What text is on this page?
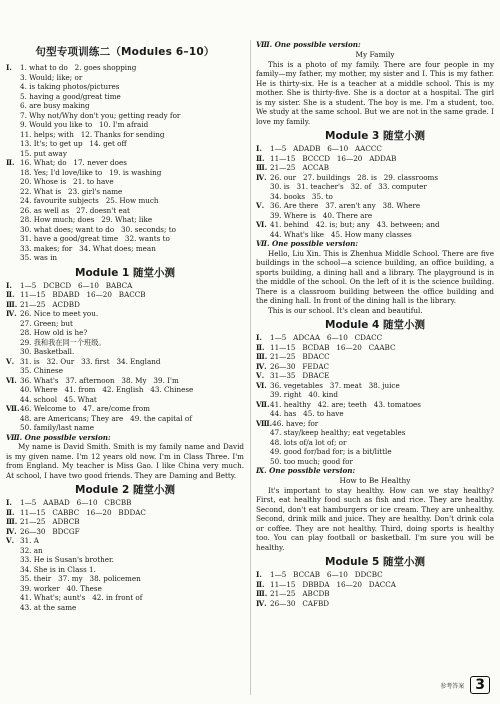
句型专项训练二（Modules 6–10）
Ⅰ. 1. what to do   2. goes shopping
3. Would; like; or
4. is taking photos/pictures
5. having a good/great time
6. are busy making
7. Why not/Why don't you; getting ready for
9. Would you like to   10. I'm afraid
11. helps; with   12. Thanks for sending
13. It's; to get up   14. get off
15. put away
Ⅱ. 16. What; do   17. never does
18. Yes; I'd love/like to   19. is washing
20. Whose is   21. to have
22. What is   23. girl's name
24. favourite subjects   25. How much
26. as well as   27. doesn't eat
28. How much; does   29. What; like
30. what does; want to do   30. seconds; to
31. have a good/great time   32. wants to
33. makes; for   34. What does; mean
35. was in
Module 1 随堂小测
Ⅰ. 1—5   DCBCD   6—10   BABCA
Ⅱ. 11—15   BDABD   16—20   BACCB
Ⅲ. 21—25   ACDBD
Ⅳ. 26. Nice to meet you.
27. Green; but
28. How old is he?
29. 我和我在同一个班级。
30. Basketball.
Ⅴ. 31. is   32. Our   33. first   34. England
35. Chinese
Ⅵ. 36. What's   37. afternoon   38. My   39. I'm
40. Where   41. from   42. English   43. Chinese
44. school   45. What
Ⅶ.46. Welcome to   47. are/come from
48. are Americans; They are   49. the capital of
50. family/last name
Ⅷ. One possible version:

My name is David Smith. Smith is my family name and David is my given name. I'm 12 years old now. I'm in Class Three. I'm from England. My teacher is Miss Gao. I like China very much. At school, I have two good friends. They are Daming and Betty.

Module 2 随堂小测
Ⅰ. 1—5   AABAD   6—10   CBCBB
Ⅱ. 11—15   CABBC   16—20   BDDAC
Ⅲ. 21—25   ADBCB
Ⅳ. 26—30   BDCGF
Ⅴ. 31. A
32. an
33. He is Susan's brother.
34. She is in Class 1.
35. their   37. my   38. policemen
39. worker   40. These
41. What's; aunt's   42. in front of
43. at the same
Ⅷ. One possible version:
My Family

This is a photo of my family. There are four people in my family—my father, my mother, my sister and I. This is my father. He is thirty-six. He is a teacher at a middle school. This is my mother. She is thirty-five. She is a doctor at a hospital. The girl is my sister. She is a student. The boy is me. I'm a student, too. We study at the same school. But we are not in the same grade. I love my family.

Module 3 随堂小测
Ⅰ. 1—5   ADADB   6—10   AACCC
Ⅱ. 11—15   BCCCD   16—20   ADDAB
Ⅲ. 21—25   ACCAB
Ⅳ. 26. our   27. buildings   28. is   29. classrooms
30. is   31. teacher's   32. of   33. computer
34. books   35. to
Ⅴ. 36. Are there   37. aren't any   38. Where
39. Where is   40. There are
Ⅵ. 41. behind   42. is; but; any   43. between; and
44. What's like   45. How many classes
Ⅶ. One possible version:

Hello, Liu Xin. This is Zhenhua Middle School. There are five buildings in the school—a science building, an office building, a sports building, a dining hall and a library. The playground is in the middle of the school. On the left of it is the science building. There is a classroom building between the office building and the dining hall. In front of the dining hall is the library.

This is our school. It's clean and beautiful.

Module 4 随堂小测
Ⅰ. 1—5   ADCAA   6—10   CDACC
Ⅱ. 11—15   BCDAB   16—20   CAABC
Ⅲ. 21—25   BDACC
Ⅳ. 26—30   FEDAC
Ⅴ. 31—35   DBACE
Ⅵ. 36. vegetables   37. meat   38. juice
39. right   40. kind
Ⅶ.41. healthy   42. are; teeth   43. tomatoes
44. has   45. to have
Ⅷ.46. have; for
47. stay/keep healthy; eat vegetables
48. lots of/a lot of; or
49. good for/bad for; is a bit/little
50. too much; good for
Ⅸ. One possible version:
How to Be Healthy

It's important to stay healthy. How can we stay healthy? First, eat healthy food such as fish and rice. They are healthy. Second, don't eat hamburgers or ice cream. They are unhealthy. Second, drink milk and juice. They are healthy. Don't drink cola or coffee. They are not healthy. Third, doing sports is healthy too. You can play football or basketball. I'm sure you will be healthy.

Module 5 随堂小测
Ⅰ. 1—5   BCCAB   6—10   DDCBC
Ⅱ. 11—15   DBBDA   16—20   DACCA
Ⅲ. 21—25   ABCDB
Ⅳ. 26—30   CAFBD
参考答案 3
